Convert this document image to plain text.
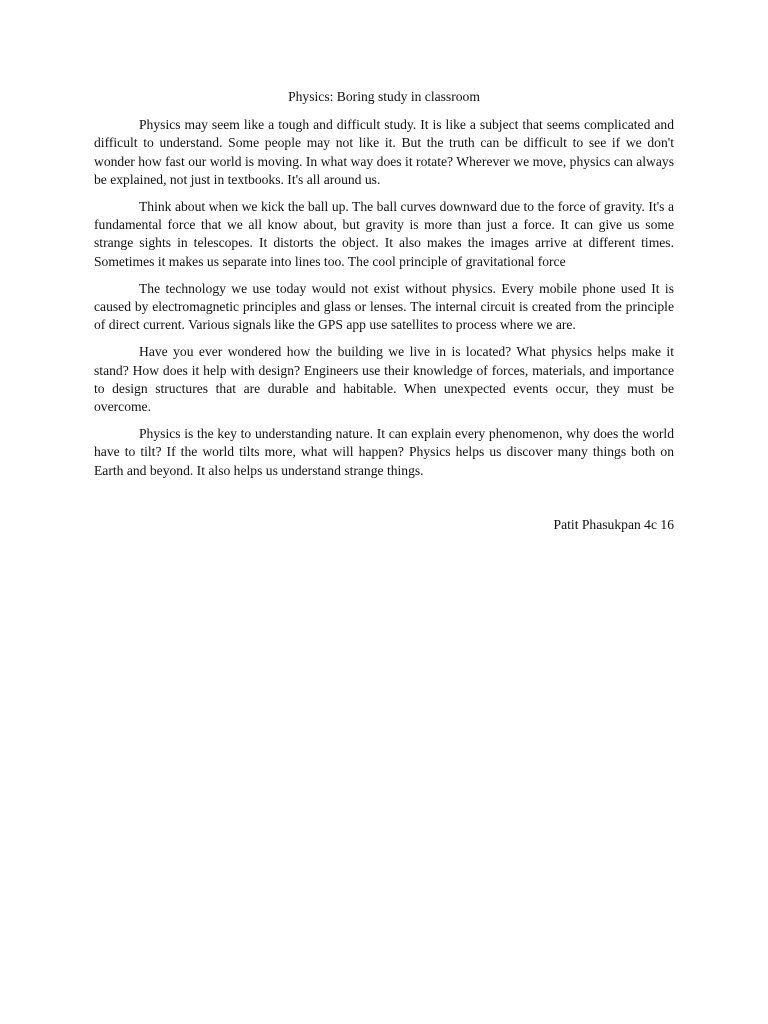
Physics: Boring study in classroom

Physics may seem like a tough and difficult study. It is like a subject that seems complicated and difficult to understand. Some people may not like it. But the truth can be difficult to see if we don't wonder how fast our world is moving. In what way does it rotate? Wherever we move, physics can always be explained, not just in textbooks. It's all around us.

Think about when we kick the ball up. The ball curves downward due to the force of gravity. It's a fundamental force that we all know about, but gravity is more than just a force. It can give us some strange sights in telescopes. It distorts the object. It also makes the images arrive at different times. Sometimes it makes us separate into lines too. The cool principle of gravitational force

The technology we use today would not exist without physics. Every mobile phone used It is caused by electromagnetic principles and glass or lenses. The internal circuit is created from the principle of direct current. Various signals like the GPS app use satellites to process where we are.

Have you ever wondered how the building we live in is located? What physics helps make it stand? How does it help with design? Engineers use their knowledge of forces, materials, and importance to design structures that are durable and habitable. When unexpected events occur, they must be overcome.

Physics is the key to understanding nature. It can explain every phenomenon, why does the world have to tilt? If the world tilts more, what will happen? Physics helps us discover many things both on Earth and beyond. It also helps us understand strange things.

Patit Phasukpan 4c 16
